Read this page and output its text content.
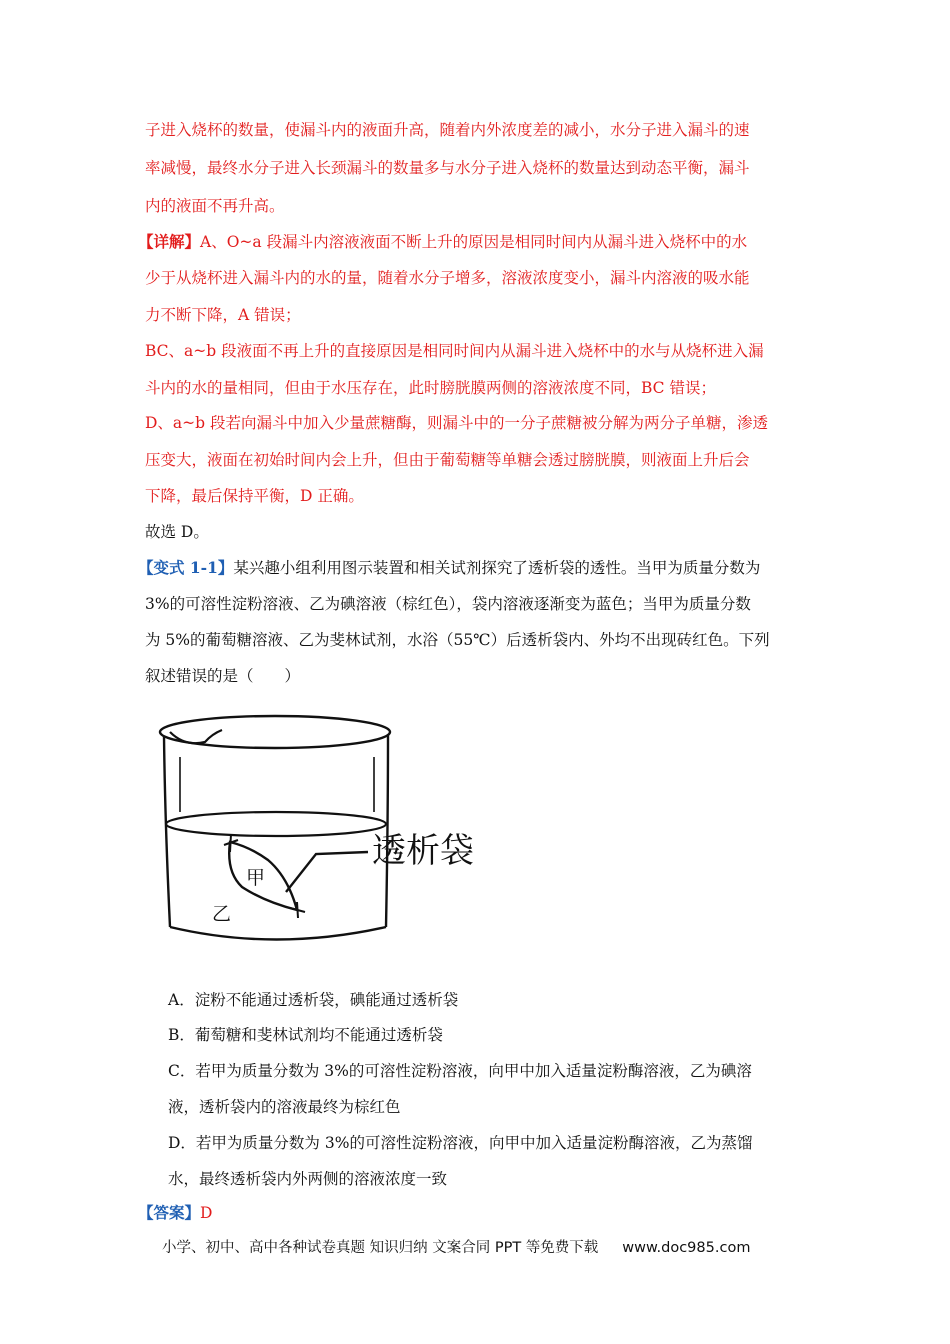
子进入烧杯的数量，使漏斗内的液面升高，随着内外浓度差的减小，水分子进入漏斗的速
率减慢，最终水分子进入长颈漏斗的数量多与水分子进入烧杯的数量达到动态平衡，漏斗
内的液面不再升高。
【详解】A、O~a 段漏斗内溶液液面不断上升的原因是相同时间内从漏斗进入烧杯中的水
少于从烧杯进入漏斗内的水的量，随着水分子增多，溶液浓度变小，漏斗内溶液的吸水能
力不断下降，A 错误；
BC、a~b 段液面不再上升的直接原因是相同时间内从漏斗进入烧杯中的水与从烧杯进入漏
斗内的水的量相同，但由于水压存在，此时膀胱膜两侧的溶液浓度不同，BC 错误；
D、a~b 段若向漏斗中加入少量蔗糖酶，则漏斗中的一分子蔗糖被分解为两分子单糖，渗透
压变大，液面在初始时间内会上升，但由于葡萄糖等单糖会透过膀胱膜，则液面上升后会
下降，最后保持平衡，D 正确。
故选 D。
【变式 1-1】某兴趣小组利用图示装置和相关试剂探究了透析袋的透性。当甲为质量分数为
3%的可溶性淀粉溶液、乙为碘溶液（棕红色），袋内溶液逐渐变为蓝色；当甲为质量分数
为 5%的葡萄糖溶液、乙为斐林试剂，水浴（55℃）后透析袋内、外均不出现砖红色。下列
叙述错误的是（　　）
透析袋
甲
乙
A．淀粉不能通过透析袋，碘能通过透析袋
B．葡萄糖和斐林试剂均不能通过透析袋
C．若甲为质量分数为 3%的可溶性淀粉溶液，向甲中加入适量淀粉酶溶液，乙为碘溶
液，透析袋内的溶液最终为棕红色
D．若甲为质量分数为 3%的可溶性淀粉溶液，向甲中加入适量淀粉酶溶液，乙为蒸馏
水，最终透析袋内外两侧的溶液浓度一致
【答案】D
小学、初中、高中各种试卷真题 知识归纳 文案合同 PPT 等免费下载 www.doc985.com
